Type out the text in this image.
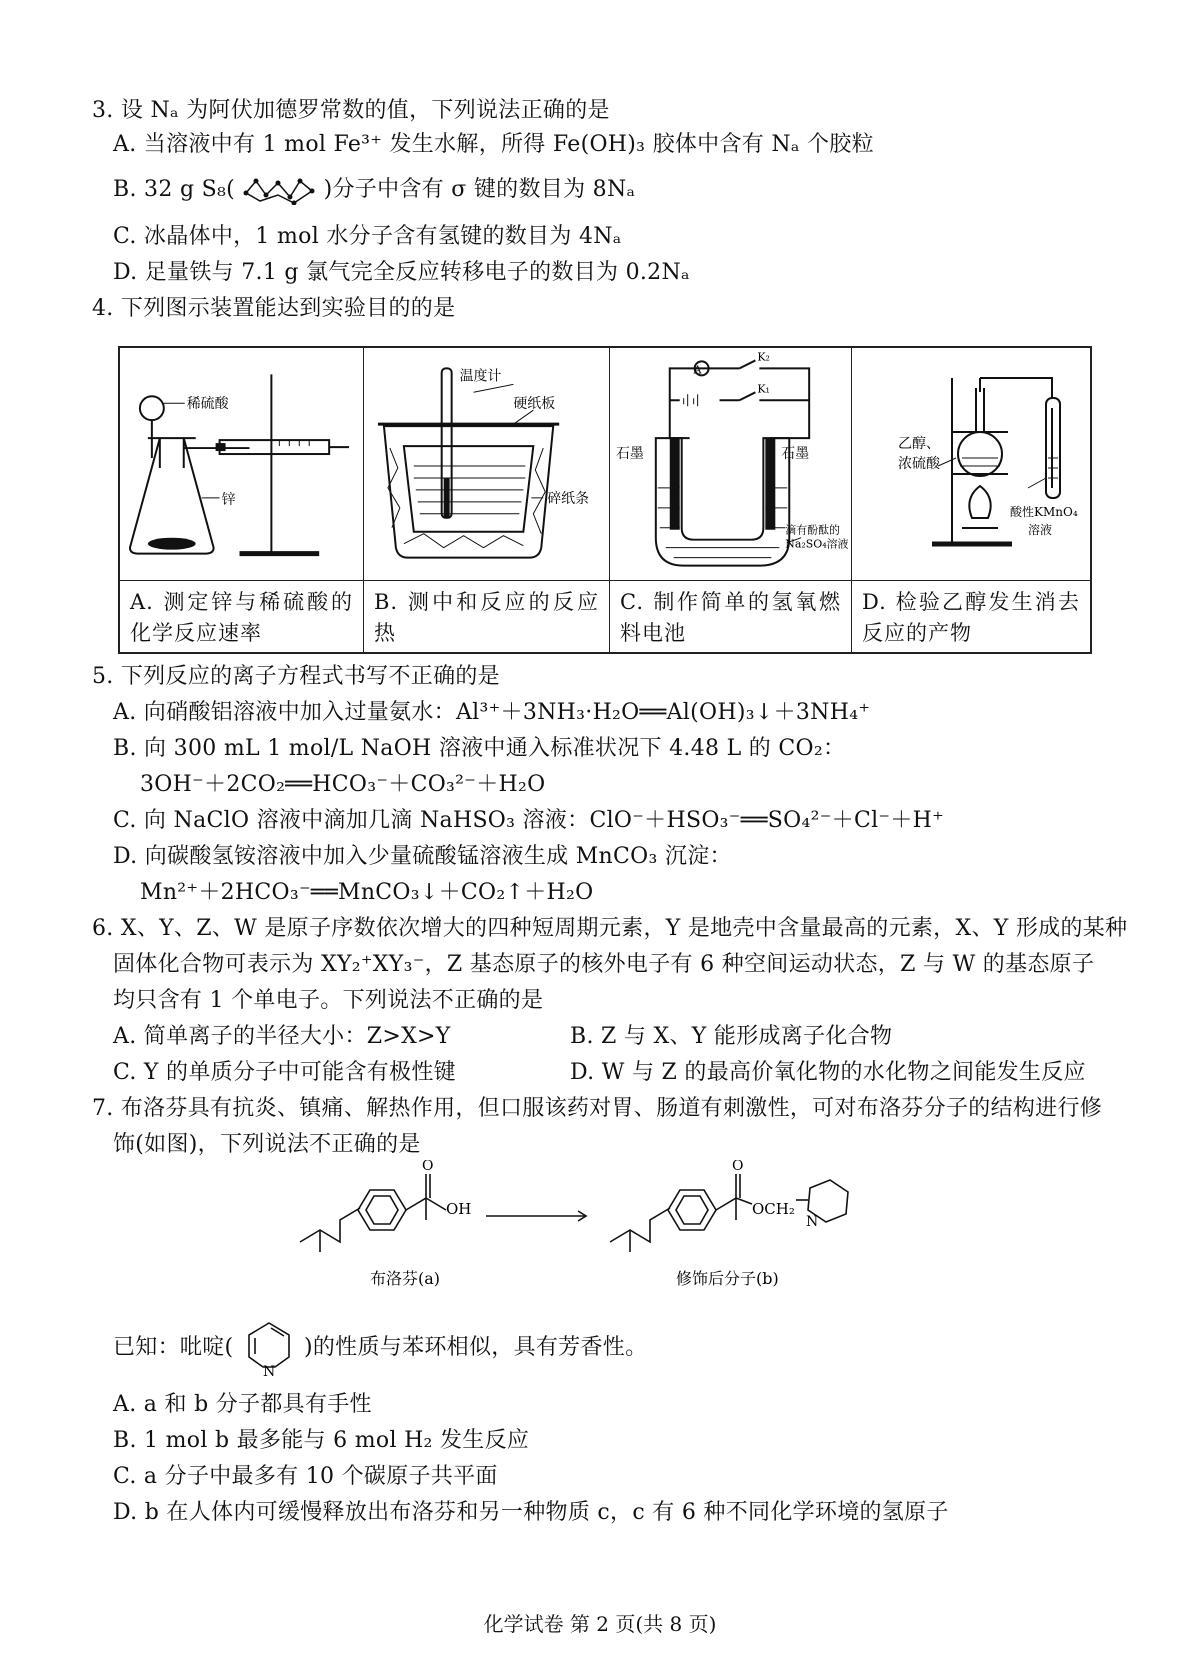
3. 设 Nₐ 为阿伏加德罗常数的值，下列说法正确的是
A. 当溶液中有 1 mol Fe³⁺ 发生水解，所得 Fe(OH)₃ 胶体中含有 Nₐ 个胶粒
B. 32 g S₈(	)分子中含有 σ 键的数目为 8Nₐ
C. 冰晶体中，1 mol 水分子含有氢键的数目为 4Nₐ
D. 足量铁与 7.1 g 氯气完全反应转移电子的数目为 0.2Nₐ
4. 下列图示装置能达到实验目的的是
稀硫酸
锌
A. 测定锌与稀硫酸的化学反应速率
温度计
硬纸板
碎纸条
B. 测中和反应的反应热
A
K₂
K₁
石墨	石墨
滴有酚酞的
Na₂SO₄溶液
C. 制作简单的氢氧燃料电池
乙醇、
浓硫酸
酸性KMnO₄
溶液
D. 检验乙醇发生消去反应的产物
5. 下列反应的离子方程式书写不正确的是
A. 向硝酸铝溶液中加入过量氨水：Al³⁺＋3NH₃·H₂O══Al(OH)₃↓＋3NH₄⁺
B. 向 300 mL 1 mol/L NaOH 溶液中通入标准状况下 4.48 L 的 CO₂：
3OH⁻＋2CO₂══HCO₃⁻＋CO₃²⁻＋H₂O
C. 向 NaClO 溶液中滴加几滴 NaHSO₃ 溶液：ClO⁻＋HSO₃⁻══SO₄²⁻＋Cl⁻＋H⁺
D. 向碳酸氢铵溶液中加入少量硫酸锰溶液生成 MnCO₃ 沉淀：
Mn²⁺＋2HCO₃⁻══MnCO₃↓＋CO₂↑＋H₂O
6. X、Y、Z、W 是原子序数依次增大的四种短周期元素，Y 是地壳中含量最高的元素，X、Y 形成的某种
固体化合物可表示为 XY₂⁺XY₃⁻，Z 基态原子的核外电子有 6 种空间运动状态，Z 与 W 的基态原子
均只含有 1 个单电子。下列说法不正确的是
A. 简单离子的半径大小：Z>X>Y	B. Z 与 X、Y 能形成离子化合物
C. Y 的单质分子中可能含有极性键	D. W 与 Z 的最高价氧化物的水化物之间能发生反应
7. 布洛芬具有抗炎、镇痛、解热作用，但口服该药对胃、肠道有刺激性，可对布洛芬分子的结构进行修
饰(如图)，下列说法不正确的是
O
OH
O
OCH₂
N
布洛芬(a)	修饰后分子(b)
已知：吡啶(
N
)的性质与苯环相似，具有芳香性。
A. a 和 b 分子都具有手性
B. 1 mol b 最多能与 6 mol H₂ 发生反应
C. a 分子中最多有 10 个碳原子共平面
D. b 在人体内可缓慢释放出布洛芬和另一种物质 c，c 有 6 种不同化学环境的氢原子
化学试卷 第 2 页(共 8 页)
